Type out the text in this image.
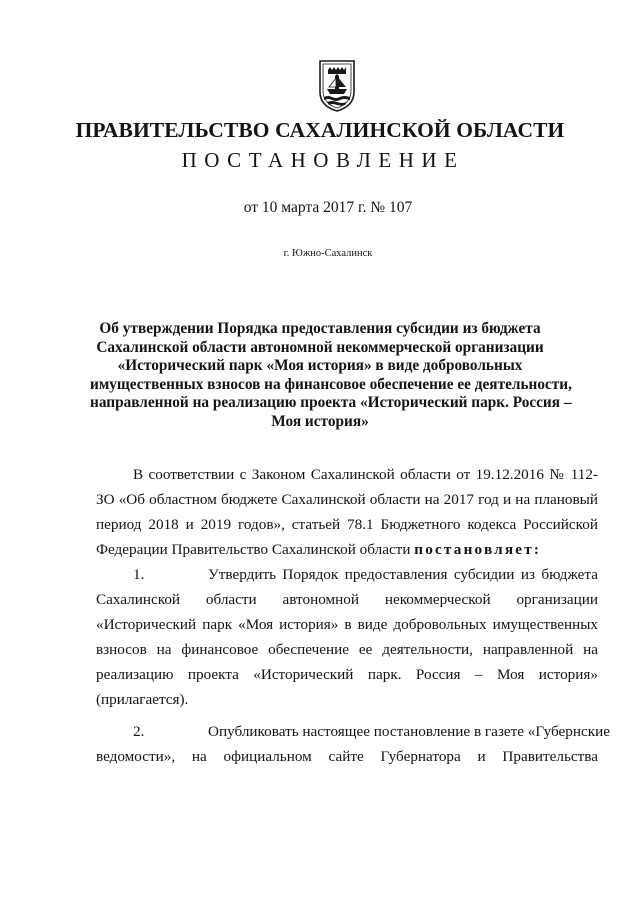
ПРАВИТЕЛЬСТВО САХАЛИНСКОЙ ОБЛАСТИ
ПОСТАНОВЛЕНИЕ
от 10 марта 2017 г. № 107
г. Южно-Сахалинск
Об утверждении Порядка предоставления субсидии из бюджета
Сахалинской области автономной некоммерческой организации
«Исторический парк «Моя история» в виде добровольных
имущественных взносов на финансовое обеспечение ее деятельности,
направленной на реализацию проекта «Исторический парк. Россия –
Моя история»
В соответствии с Законом Сахалинской области от 19.12.2016 № 112-
ЗО «Об областном бюджете Сахалинской области на 2017 год и на плановый
период 2018 и 2019 годов», статьей 78.1 Бюджетного кодекса Российской
Федерации Правительство Сахалинской области постановляет:
1.	Утвердить Порядок предоставления субсидии из бюджета
Сахалинской области автономной некоммерческой организации
«Исторический парк «Моя история» в виде добровольных имущественных
взносов на финансовое обеспечение ее деятельности, направленной на
реализацию проекта «Исторический парк. Россия – Моя история»
(прилагается).
2.	Опубликовать настоящее постановление в газете «Губернские
ведомости», на официальном сайте Губернатора и Правительства
